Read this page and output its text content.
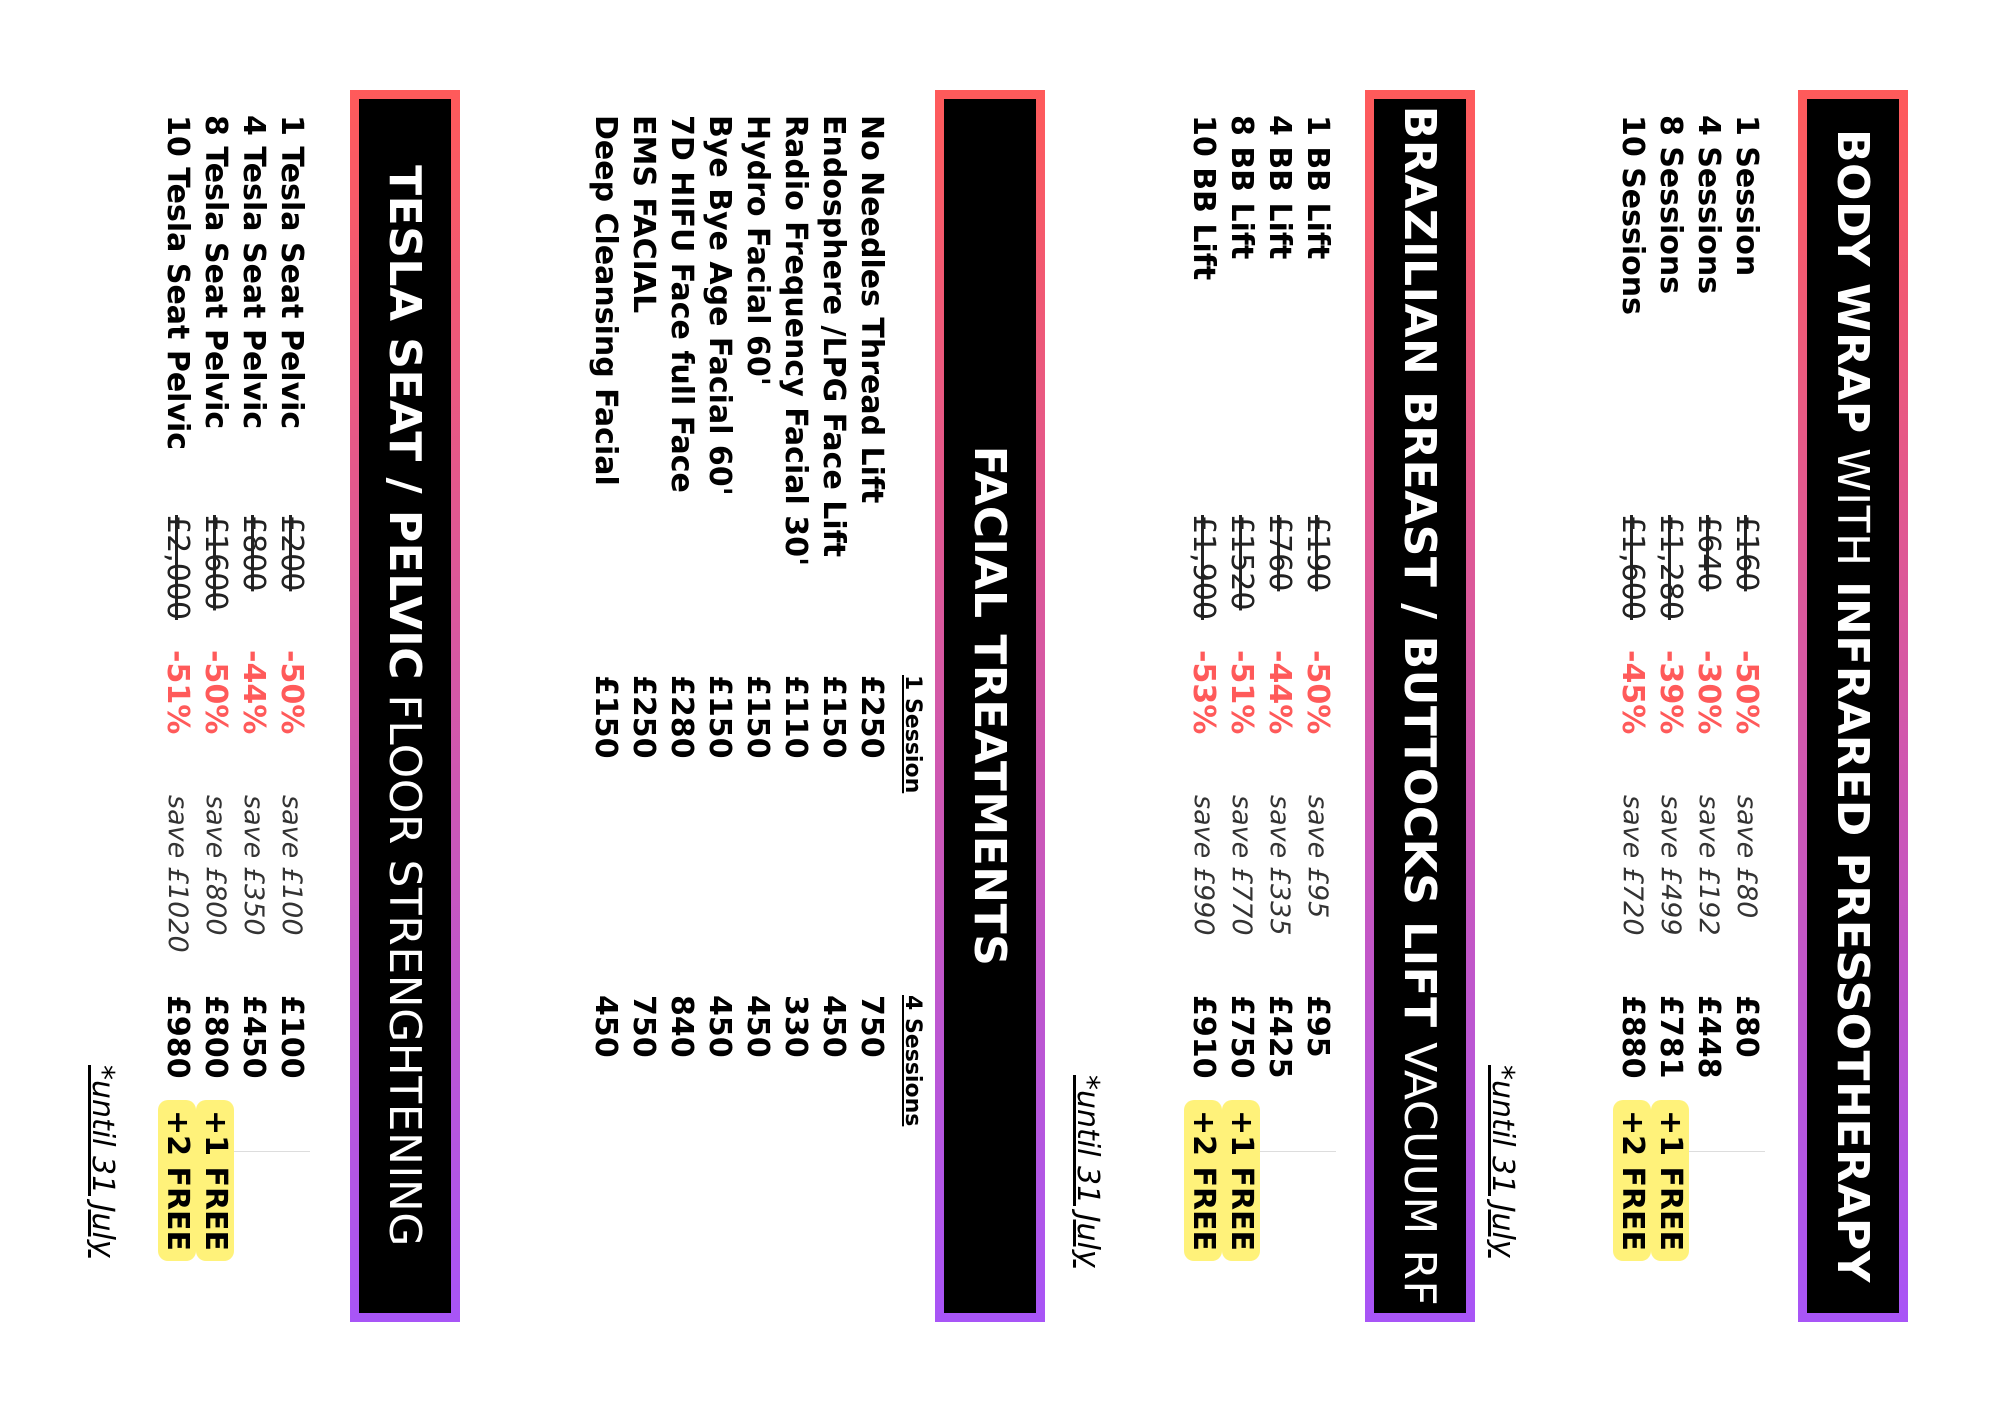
BODY WRAP WITH INFRARED PRESSOTHERAPY
1 Session
£160
-50%
save £80
£80
4 Sessions
£640
-30%
save £192
£448
8 Sessions
£1,280
-39%
save £499
£781
+1 FREE
10 Sessions
£1,600
-45%
save £720
£880
+2 FREE
*until 31 July
BRAZILIAN BREAST / BUTTOCKS LIFT VACUUM RF
1 BB Lift
£190
-50%
save £95
£95
4 BB Lift
£760
-44%
save £335
£425
8 BB Lift
£1520
-51%
save £770
£750
+1 FREE
10 BB Lift
£1,900
-53%
save £990
£910
+2 FREE
*until 31 July
FACIAL TREATMENTS
1 Session
4 Sessions
No Needles Thread Lift
£250
750
Endosphere /LPG Face Lift
£150
450
Radio Frequency Facial 30'
£110
330
Hydro Facial 60'
£150
450
Bye Bye Age Facial 60'
£150
450
7D HIFU Face full Face
£280
840
EMS FACIAL
£250
750
Deep Cleansing Facial
£150
450
TESLA SEAT / PELVIC FLOOR STRENGHTENING
1 Tesla Seat Pelvic
£200
-50%
save £100
£100
4 Tesla Seat Pelvic
£800
-44%
save £350
£450
8 Tesla Seat Pelvic
£1600
-50%
save £800
£800
+1 FREE
10 Tesla Seat Pelvic
£2,000
-51%
save £1020
£980
+2 FREE
*until 31 July
